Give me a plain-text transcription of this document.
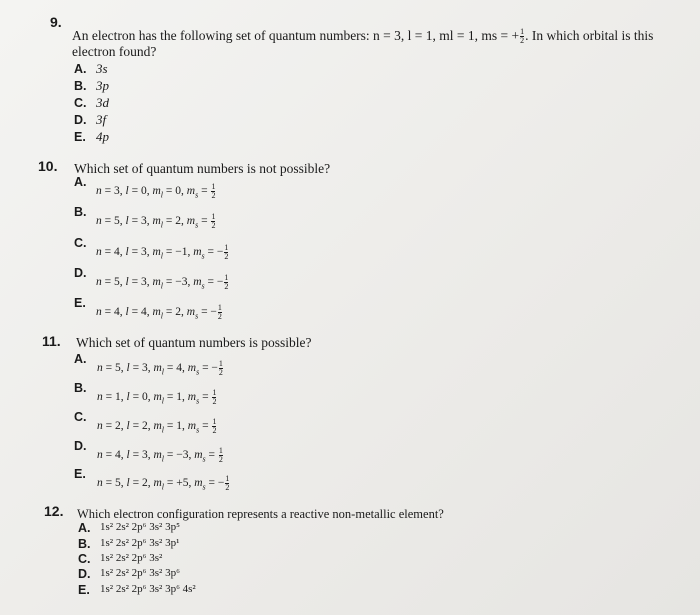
9.
An electron has the following set of quantum numbers: n = 3, l = 1, ml = 1, ms = + $\frac{1}{2}$ . In which orbital is this
electron found?
A. 3s
B. 3p
C. 3d
D. 3f
E. 4p
10. Which set of quantum numbers is not possible?
A.
n = 3, l = 0, $m_l = 0$, $m_s = \frac{1}{2}$
B.
n = 5, l = 3, $m_l = 2$, $m_s = \frac{1}{2}$
C.
n = 4, l = 3, $m_l = -1$, $m_s$ = − $\frac{1}{2}$
D.
n = 5, l = 3, $m_l = -3$, $m_s$ = − $\frac{1}{2}$
E.
n = 4, l = 4, $m_l = 2$, $m_s$ = − $\frac{1}{2}$
11. Which set of quantum numbers is possible?
A.
n = 5, l = 3, $m_l = 4$, $m_s$ = − $\frac{1}{2}$
B.
n = 1, l = 0, $m_l = 1$, $m_s = \frac{1}{2}$
C.
n = 2, l = 2, $m_l = 1$, $m_s = \frac{1}{2}$
D.
n = 4, l = 3, $m_l = -3$, $m_s = \frac{1}{2}$
E.
n = 5, l = 2, $m_l = +5$, $m_s$ = − $\frac{1}{2}$
12. Which electron configuration represents a reactive non-metallic element?
A. 1s² 2s² 2p⁶ 3s² 3p⁵
B. 1s² 2s² 2p⁶ 3s² 3p¹
C. 1s² 2s² 2p⁶ 3s²
D. 1s² 2s² 2p⁶ 3s² 3p⁶
E. 1s² 2s² 2p⁶ 3s² 3p⁶ 4s²
